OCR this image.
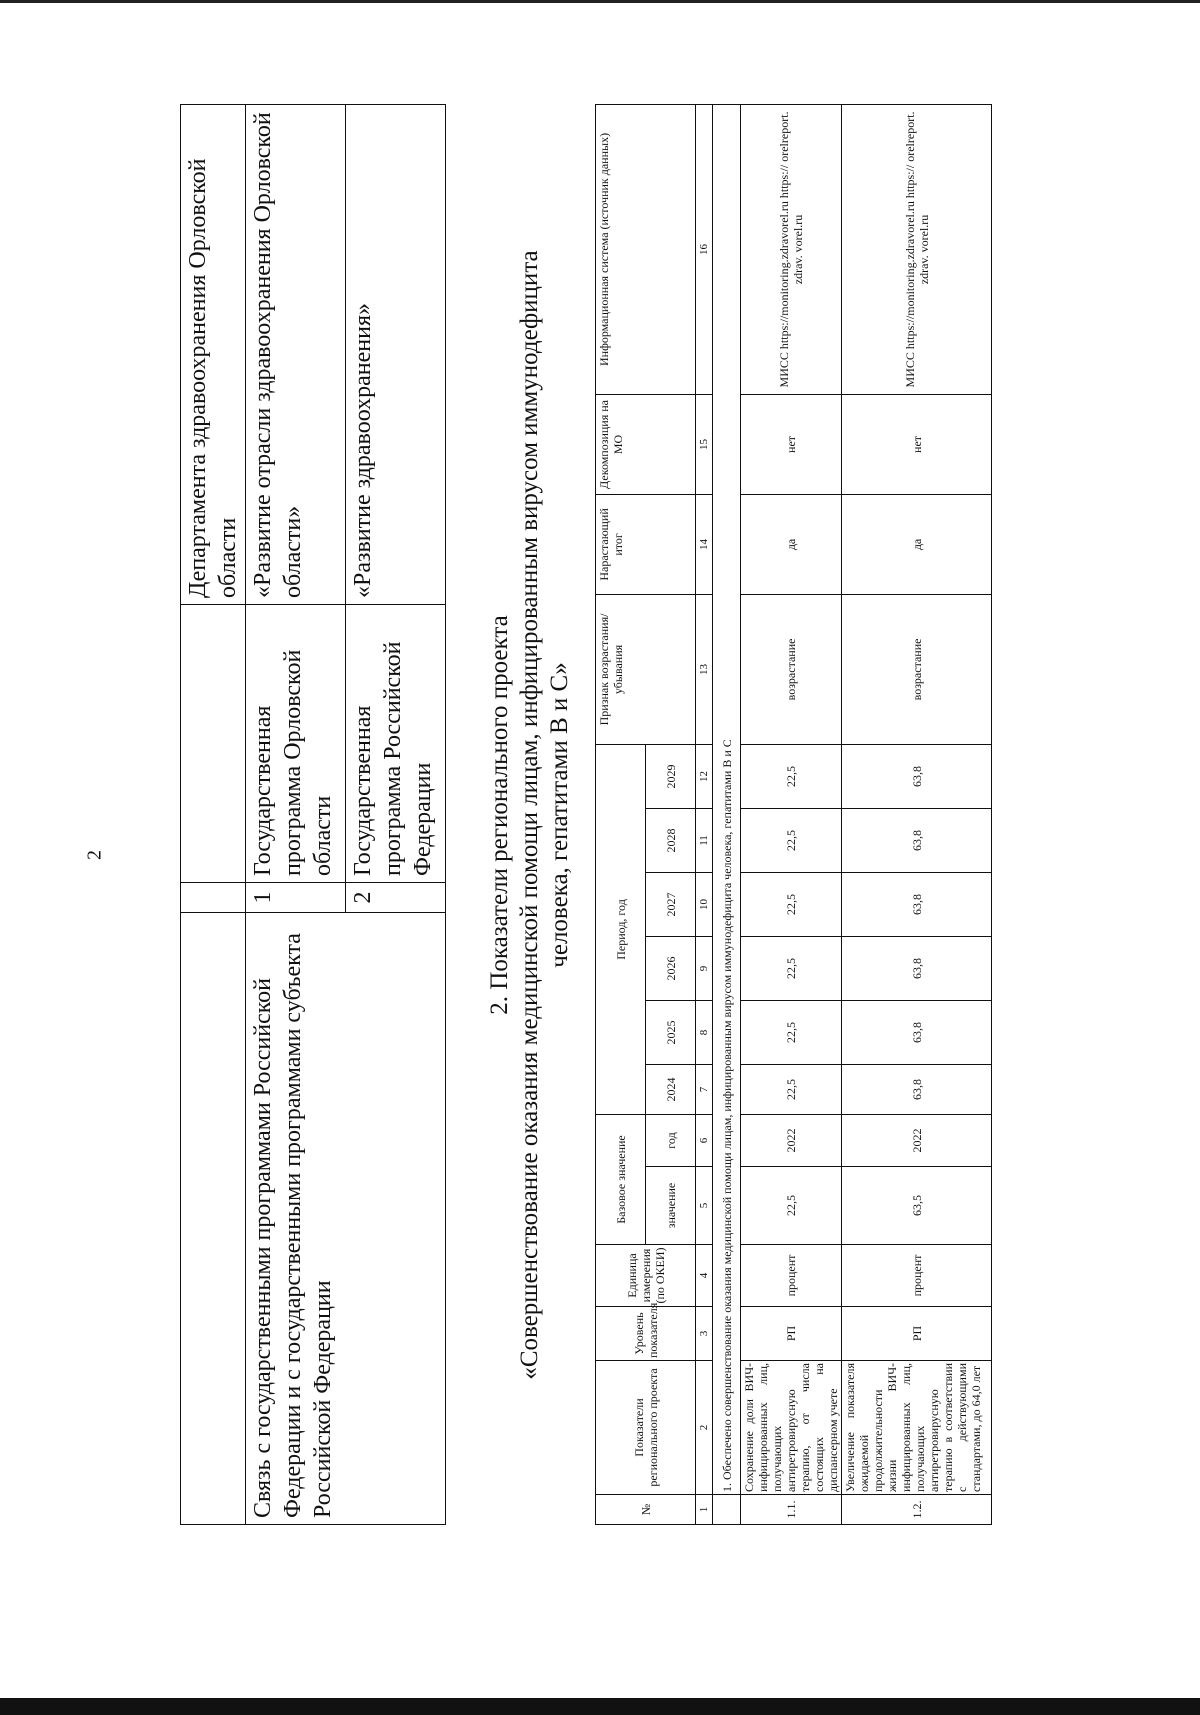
2
			Департамента здравоохранения Орловской области
Связь с государственными программами Российской Федерации и с государственными программами субъекта Российской Федерации	1	Государственная программа Орловской области	«Развитие отрасли здравоохранения Орловской области»
	2	Государственная программа Российской Федерации	«Развитие здравоохранения»
2. Показатели регионального проекта «Совершенствование оказания медицинской помощи лицам, инфицированным вирусом иммунодефицита человека, гепатитами В и С»
№	Показатели регионального проекта	Уровень показателя	Единица измерения (по ОКЕИ)	Базовое значение		Период, год						Признак возрастания/убывания	Нарастающий итог	Декомпозиция на МО	Информационная система (источник данных)
				значение	год	2024	2025	2026	2027	2028	2029				
1	2	3	4	5	6	7	8	9	10	11	12	13	14	15	16
	1. Обеспечено совершенствование оказания медицинской помощи лицам, инфицированным вирусом иммунодефицита человека, гепатитами В и С														
1.1.	Сохранение доли ВИЧ-инфицированных лиц, получающих антиретровирусную терапию, от числа состоящих на диспансерном учете	РП	процент	22,5	2022	22,5	22,5	22,5	22,5	22,5	22,5	возрастание	да	нет	МИСС https://monitoring.zdravorel.ru https:// orelreport. zdrav. vorel.ru
1.2.	Увеличение показателя ожидаемой продолжительности жизни ВИЧ-инфицированных лиц, получающих антиретровирусную терапию в соответствии с действующими стандартами, до 64,0 лет	РП	процент	63,5	2022	63,8	63,8	63,8	63,8	63,8	63,8	возрастание	да	нет	МИСС https://monitoring.zdravorel.ru https:// orelreport. zdrav. vorel.ru
